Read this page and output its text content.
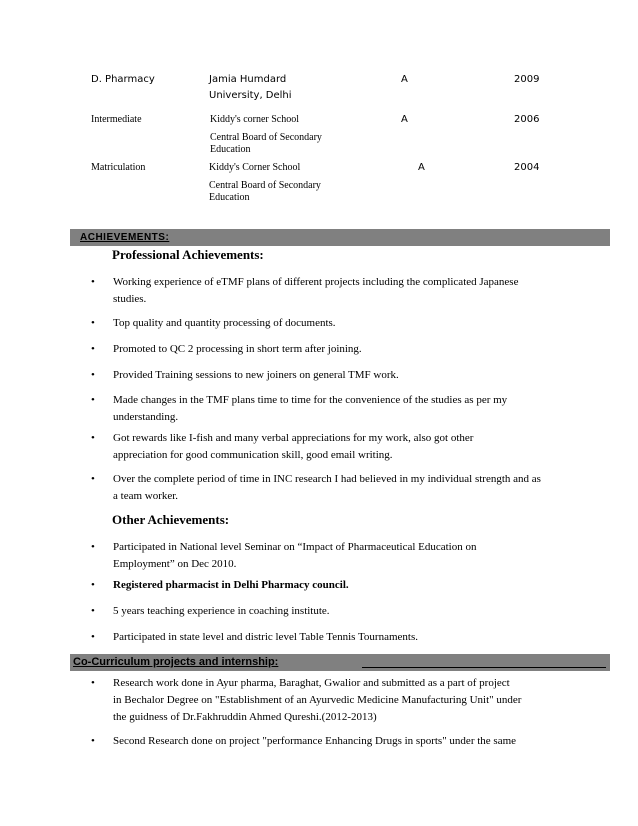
D. Pharmacy	Jamia Humdard
University, Delhi
A	2009
Intermediate	Kiddy's corner School
Central Board of Secondary
Education
A	2006
Matriculation	Kiddy's Corner School
Central Board of Secondary
Education
A	2004
ACHIEVEMENTS:
Professional Achievements:
• Working experience of eTMF plans of different projects including the complicated Japanese
studies.
• Top quality and quantity processing of documents.
• Promoted to QC 2 processing in short term after joining.
• Provided Training sessions to new joiners on general TMF work.
• Made changes in the TMF plans time to time for the convenience of the studies as per my
understanding.
• Got rewards like I-fish and many verbal appreciations for my work, also got other
appreciation for good communication skill, good email writing.
• Over the complete period of time in INC research I had believed in my individual strength and as
a team worker.
Other Achievements:
• Participated in National level Seminar on “Impact of Pharmaceutical Education on
Employment” on Dec 2010.
• Registered pharmacist in Delhi Pharmacy council.
• 5 years teaching experience in coaching institute.
• Participated in state level and distric level Table Tennis Tournaments.
Co-Curriculum projects and internship:
• Research work done in Ayur pharma, Baraghat, Gwalior and submitted as a part of project
in Bechalor Degree on "Establishment of an Ayurvedic Medicine Manufacturing Unit" under
the guidness of Dr.Fakhruddin Ahmed Qureshi.(2012-2013)
• Second Research done on project "performance Enhancing Drugs in sports" under the same
